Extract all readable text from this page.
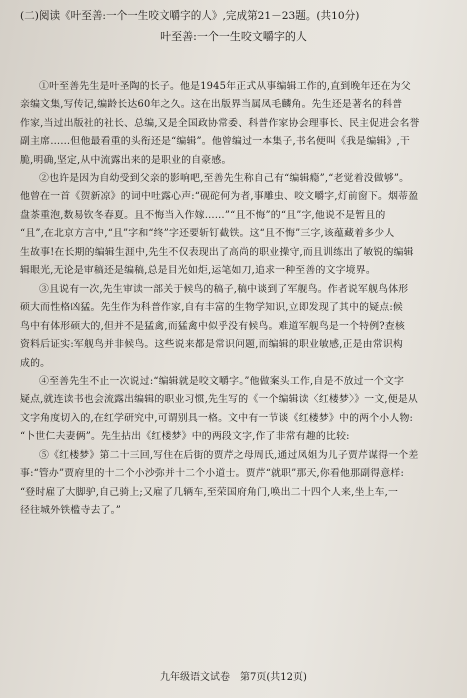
(二)阅读《叶至善:一个一生咬文嚼字的人》,完成第21－23题。(共10分)
叶至善:一个一生咬文嚼字的人
①叶至善先生是叶圣陶的长子。他是1945年正式从事编辑工作的,直到晚年还在为父
亲编文集,写传记,编龄长达60年之久。这在出版界当属凤毛麟角。先生还是著名的科普
作家,当过出版社的社长、总编,又是全国政协常委、科普作家协会理事长、民主促进会名誉
副主席……但他最看重的头衔还是“编辑”。他曾编过一本集子,书名便叫《我是编辑》,干
脆,明确,坚定,从中流露出来的是职业的自豪感。
②也许是因为自幼受到父亲的影响吧,至善先生称自己有“编辑瘾”,“老觉着没做够”。
他曾在一首《贺新凉》的词中吐露心声:“砚砣何为者,事雕虫、咬文嚼字,灯前窗下。烟蒂盈
盘茶重泡,数易钦冬春夏。且不悔当入作嫁……”“且不悔”的“且”字,他说不是暂且的
“且”,在北京方言中,“且”字和“终”字还要斩钉截铁。这“且不悔”三字,该蕴藏着多少人
生故事!在长期的编辑生涯中,先生不仅表现出了高尚的职业操守,而且训练出了敏锐的编辑
辑眼光,无论是审稿还是编稿,总是目光如炬,运笔如刀,追求一种至善的文字境界。
③且说有一次,先生审读一部关于候鸟的稿子,稿中谈到了军舰鸟。作者说军舰鸟体形
硕大而性格凶猛。先生作为科普作家,自有丰富的生物学知识,立即发现了其中的疑点:候
鸟中有体形硕大的,但并不是猛禽,而猛禽中似乎没有候鸟。难道军舰鸟是一个特例?查核
资料后证实:军舰鸟并非候鸟。这些说来都是常识问题,而编辑的职业敏感,正是由常识构
成的。
④至善先生不止一次说过:“编辑就是咬文嚼字。”他做案头工作,自是不放过一个文字
疑点,就连读书也会流露出编辑的职业习惯,先生写的《一个编辑读〈红楼梦〉》一文,便是从
文字角度切入的,在红学研究中,可谓别具一格。文中有一节谈《红楼梦》中的两个小人物:
“卜世仁夫妻俩”。先生拈出《红楼梦》中的两段文字,作了非常有趣的比较:
⑤《红楼梦》第二十三回,写住在后街的贾芹之母周氏,通过凤姐为儿子贾芹谋得一个差
事:“管办”贾府里的十二个小沙弥并十二个小道士。贾芹“就职”那天,你看他那副得意样:
“登时雇了大脚驴,自己骑上;又雇了几辆车,至荣国府角门,唤出二十四个人来,坐上车,一
径往城外铁槛寺去了。”
九年级语文试卷　第7页(共12页)
